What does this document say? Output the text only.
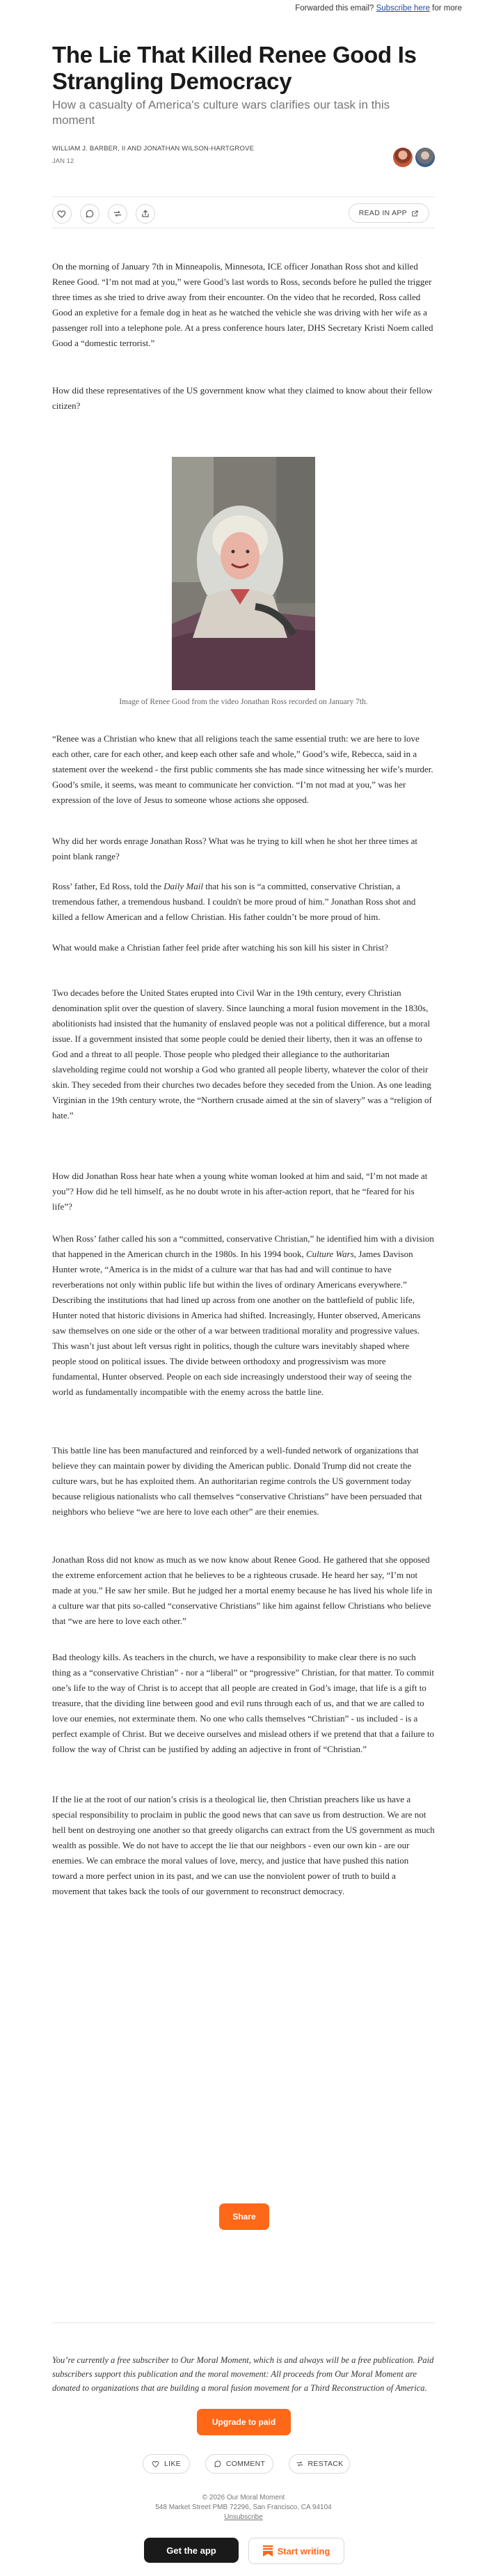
Forwarded this email? Subscribe here for more
The Lie That Killed Renee Good Is Strangling Democracy

How a casualty of America's culture wars clarifies our task in this moment

WILLIAM J. BARBER, II AND JONATHAN WILSON-HARTGROVE
JAN 12
READ IN APP

On the morning of January 7th in Minneapolis, Minnesota, ICE officer Jonathan Ross shot and killed Renee Good. “I’m not mad at you,” were Good’s last words to Ross, seconds before he pulled the trigger three times as she tried to drive away from their encounter. On the video that he recorded, Ross called Good an expletive for a female dog in heat as he watched the vehicle she was driving with her wife as a passenger roll into a telephone pole. At a press conference hours later, DHS Secretary Kristi Noem called Good a “domestic terrorist.”

How did these representatives of the US government know what they claimed to know about their fellow citizen?

Image of Renee Good from the video Jonathan Ross recorded on January 7th.

“Renee was a Christian who knew that all religions teach the same essential truth: we are here to love each other, care for each other, and keep each other safe and whole,” Good’s wife, Rebecca, said in a statement over the weekend - the first public comments she has made since witnessing her wife’s murder. Good’s smile, it seems, was meant to communicate her conviction. “I’m not mad at you,” was her expression of the love of Jesus to someone whose actions she opposed.

Why did her words enrage Jonathan Ross? What was he trying to kill when he shot her three times at point blank range?

Ross’ father, Ed Ross, told the Daily Mail that his son is “a committed, conservative Christian, a tremendous father, a tremendous husband. I couldn't be more proud of him.” Jonathan Ross shot and killed a fellow American and a fellow Christian. His father couldn’t be more proud of him.

What would make a Christian father feel pride after watching his son kill his sister in Christ?

Two decades before the United States erupted into Civil War in the 19th century, every Christian denomination split over the question of slavery. Since launching a moral fusion movement in the 1830s, abolitionists had insisted that the humanity of enslaved people was not a political difference, but a moral issue. If a government insisted that some people could be denied their liberty, then it was an offense to God and a threat to all people. Those people who pledged their allegiance to the authoritarian slaveholding regime could not worship a God who granted all people liberty, whatever the color of their skin. They seceded from their churches two decades before they seceded from the Union. As one leading Virginian in the 19th century wrote, the “Northern crusade aimed at the sin of slavery” was a “religion of hate.”

How did Jonathan Ross hear hate when a young white woman looked at him and said, “I’m not made at you”? How did he tell himself, as he no doubt wrote in his after-action report, that he “feared for his life”?

When Ross’ father called his son a “committed, conservative Christian,” he identified him with a division that happened in the American church in the 1980s. In his 1994 book, Culture Wars, James Davison Hunter wrote, “America is in the midst of a culture war that has had and will continue to have reverberations not only within public life but within the lives of ordinary Americans everywhere.” Describing the institutions that had lined up across from one another on the battlefield of public life, Hunter noted that historic divisions in America had shifted. Increasingly, Hunter observed, Americans saw themselves on one side or the other of a war between traditional morality and progressive values. This wasn’t just about left versus right in politics, though the culture wars inevitably shaped where people stood on political issues. The divide between orthodoxy and progressivism was more fundamental, Hunter observed. People on each side increasingly understood their way of seeing the world as fundamentally incompatible with the enemy across the battle line.

This battle line has been manufactured and reinforced by a well-funded network of organizations that believe they can maintain power by dividing the American public. Donald Trump did not create the culture wars, but he has exploited them. An authoritarian regime controls the US government today because religious nationalists who call themselves “conservative Christians” have been persuaded that neighbors who believe “we are here to love each other” are their enemies.

Jonathan Ross did not know as much as we now know about Renee Good. He gathered that she opposed the extreme enforcement action that he believes to be a righteous crusade. He heard her say, “I’m not made at you.” He saw her smile. But he judged her a mortal enemy because he has lived his whole life in a culture war that pits so-called “conservative Christians” like him against fellow Christians who believe that “we are here to love each other.”

Bad theology kills. As teachers in the church, we have a responsibility to make clear there is no such thing as a “conservative Christian” - nor a “liberal” or “progressive” Christian, for that matter. To commit one’s life to the way of Christ is to accept that all people are created in God’s image, that life is a gift to treasure, that the dividing line between good and evil runs through each of us, and that we are called to love our enemies, not exterminate them. No one who calls themselves “Christian” - us included - is a perfect example of Christ. But we deceive ourselves and mislead others if we pretend that that a failure to follow the way of Christ can be justified by adding an adjective in front of “Christian.”

If the lie at the root of our nation’s crisis is a theological lie, then Christian preachers like us have a special responsibility to proclaim in public the good news that can save us from destruction. We are not hell bent on destroying one another so that greedy oligarchs can extract from the US government as much wealth as possible. We do not have to accept the lie that our neighbors - even our own kin - are our enemies. We can embrace the moral values of love, mercy, and justice that have pushed this nation toward a more perfect union in its past, and we can use the nonviolent power of truth to build a movement that takes back the tools of our government to reconstruct democracy.

Share

You’re currently a free subscriber to Our Moral Moment, which is and always will be a free publication. Paid subscribers support this publication and the moral movement: All proceeds from Our Moral Moment are donated to organizations that are building a moral fusion movement for a Third Reconstruction of America.

Upgrade to paid
LIKE	COMMENT	RESTACK
© 2026 Our Moral Moment
548 Market Street PMB 72296, San Francisco, CA 94104
Unsubscribe
Get the app	Start writing
